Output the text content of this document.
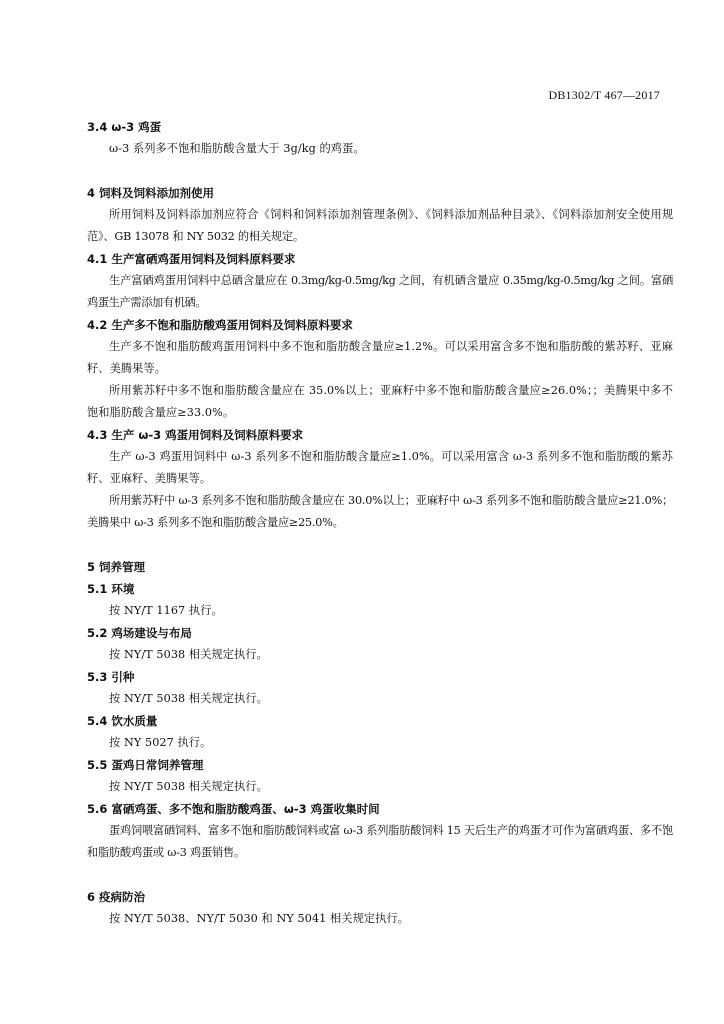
DB1302/T 467—2017
3.4 ω-3 鸡蛋
ω-3 系列多不饱和脂肪酸含量大于 3g/kg 的鸡蛋。
4 饲料及饲料添加剂使用
所用饲料及饲料添加剂应符合《饲料和饲料添加剂管理条例》、《饲料添加剂品种目录》、《饲料添加剂安全使用规范》、GB 13078 和 NY 5032 的相关规定。
4.1 生产富硒鸡蛋用饲料及饲料原料要求
生产富硒鸡蛋用饲料中总硒含量应在 0.3mg/kg-0.5mg/kg 之间，有机硒含量应 0.35mg/kg-0.5mg/kg 之间。富硒鸡蛋生产需添加有机硒。
4.2 生产多不饱和脂肪酸鸡蛋用饲料及饲料原料要求
生产多不饱和脂肪酸鸡蛋用饲料中多不饱和脂肪酸含量应≥1.2%。可以采用富含多不饱和脂肪酸的紫苏籽、亚麻籽、美腾果等。
所用紫苏籽中多不饱和脂肪酸含量应在 35.0%以上；亚麻籽中多不饱和脂肪酸含量应≥26.0%；；美腾果中多不饱和脂肪酸含量应≥33.0%。
4.3 生产 ω-3 鸡蛋用饲料及饲料原料要求
生产 ω-3 鸡蛋用饲料中 ω-3 系列多不饱和脂肪酸含量应≥1.0%。可以采用富含 ω-3 系列多不饱和脂肪酸的紫苏籽、亚麻籽、美腾果等。
所用紫苏籽中 ω-3 系列多不饱和脂肪酸含量应在 30.0%以上；亚麻籽中 ω-3 系列多不饱和脂肪酸含量应≥21.0%；美腾果中 ω-3 系列多不饱和脂肪酸含量应≥25.0%。
5 饲养管理
5.1 环境
按 NY/T 1167 执行。
5.2 鸡场建设与布局
按 NY/T 5038 相关规定执行。
5.3 引种
按 NY/T 5038 相关规定执行。
5.4 饮水质量
按 NY 5027 执行。
5.5 蛋鸡日常饲养管理
按 NY/T 5038 相关规定执行。
5.6 富硒鸡蛋、多不饱和脂肪酸鸡蛋、ω-3 鸡蛋收集时间
蛋鸡饲喂富硒饲料、富多不饱和脂肪酸饲料或富 ω-3 系列脂肪酸饲料 15 天后生产的鸡蛋才可作为富硒鸡蛋、多不饱和脂肪酸鸡蛋或 ω-3 鸡蛋销售。
6 疫病防治
按 NY/T 5038、NY/T 5030 和 NY 5041 相关规定执行。
